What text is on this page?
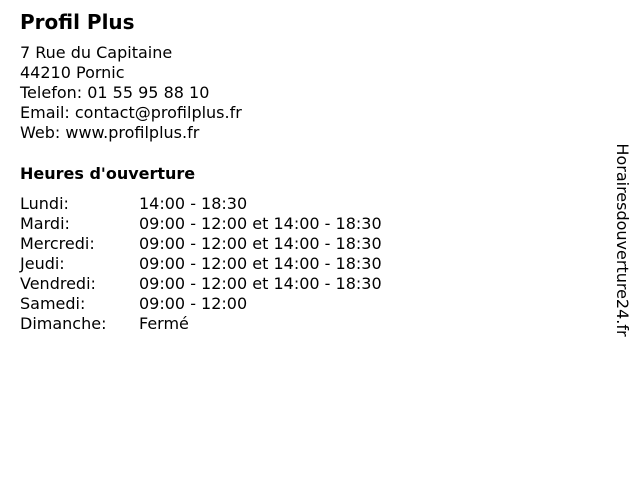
Profil Plus
7 Rue du Capitaine
44210 Pornic
Telefon: 01 55 95 88 10
Email: contact@profilplus.fr
Web: www.profilplus.fr
Heures d'ouverture
Lundi:	14:00 - 18:30
Mardi:	09:00 - 12:00 et 14:00 - 18:30
Mercredi:	09:00 - 12:00 et 14:00 - 18:30
Jeudi:	09:00 - 12:00 et 14:00 - 18:30
Vendredi:	09:00 - 12:00 et 14:00 - 18:30
Samedi:	09:00 - 12:00
Dimanche: Fermé	Horairesdouverture24.fr
